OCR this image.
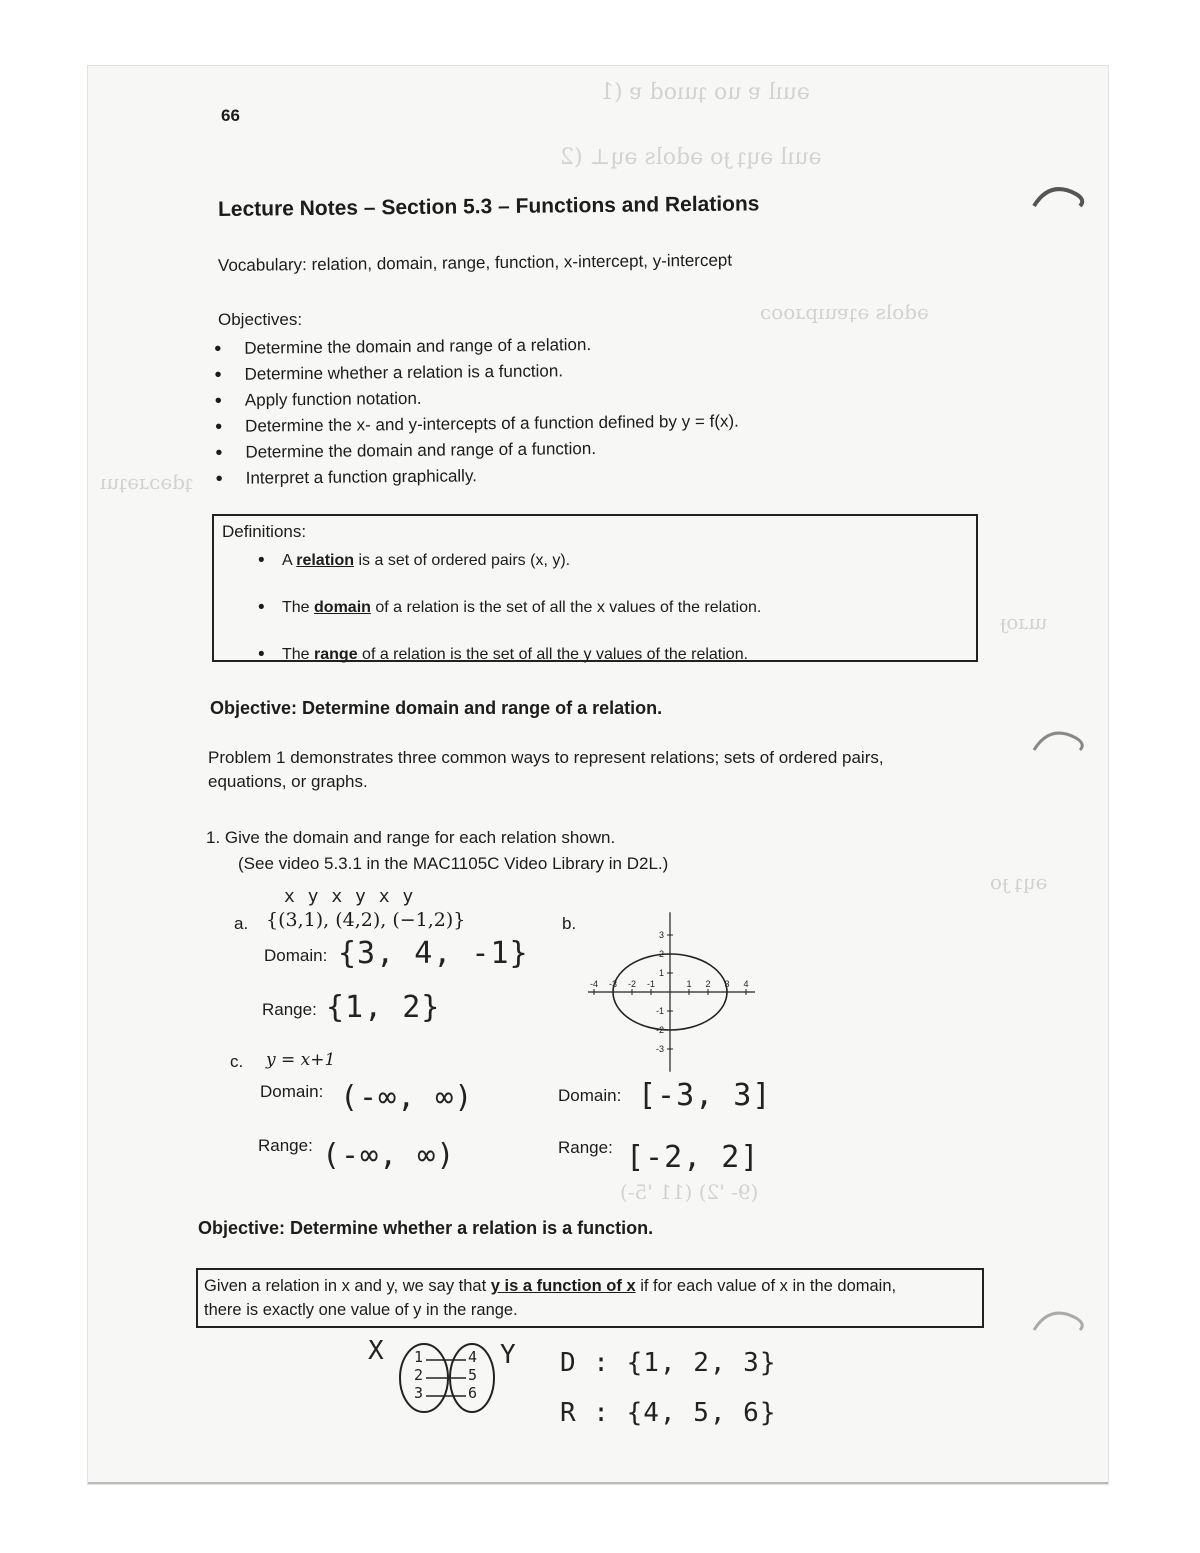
ǝuıl ɐ uo ʇuıod ɐ (1
ǝuıl ǝɥʇ ɟo ǝdols ǝɥ⊥ (2
ǝdols ǝʇɐuıpɹooɔ
ʇdǝɔɹǝʇuı
ɯɹoɟ
ǝɥʇ ɟo
(9- '2) (11 '5-)
66
Lecture Notes – Section 5.3 – Functions and Relations
Vocabulary: relation, domain, range, function, x-intercept, y-intercept
Objectives:
• Determine the domain and range of a relation.
• Determine whether a relation is a function.
• Apply function notation.
• Determine the x- and y-intercepts of a function defined by y = f(x).
• Determine the domain and range of a function.
• Interpret a function graphically.
Definitions:
• A relation is a set of ordered pairs (x, y).
• The domain of a relation is the set of all the x values of the relation.
• The range of a relation is the set of all the y values of the relation.
Objective: Determine domain and range of a relation.
Problem 1 demonstrates three common ways to represent relations; sets of ordered pairs, equations, or graphs.
1. Give the domain and range for each relation shown.
(See video 5.3.1 in the MAC1105C Video Library in D2L.)
x y x y x y
a. {(3,1), (4,2), (−1,2)}
Domain: {3, 4, -1}
Range: {1, 2}
b.
-4 -3 -2 -1	1 2 3 4
3
2
1
-1
-2
-3
Domain: [-3, 3]
Range: [-2, 2]
c. y = x+1
Domain: (-∞, ∞)
Range: (-∞, ∞)
Objective: Determine whether a relation is a function.
Given a relation in x and y, we say that y is a function of x if for each value of x in the domain,
there is exactly one value of y in the range.
X	Y
1
2
3
4
5
6
D : {1, 2, 3}
R : {4, 5, 6}
